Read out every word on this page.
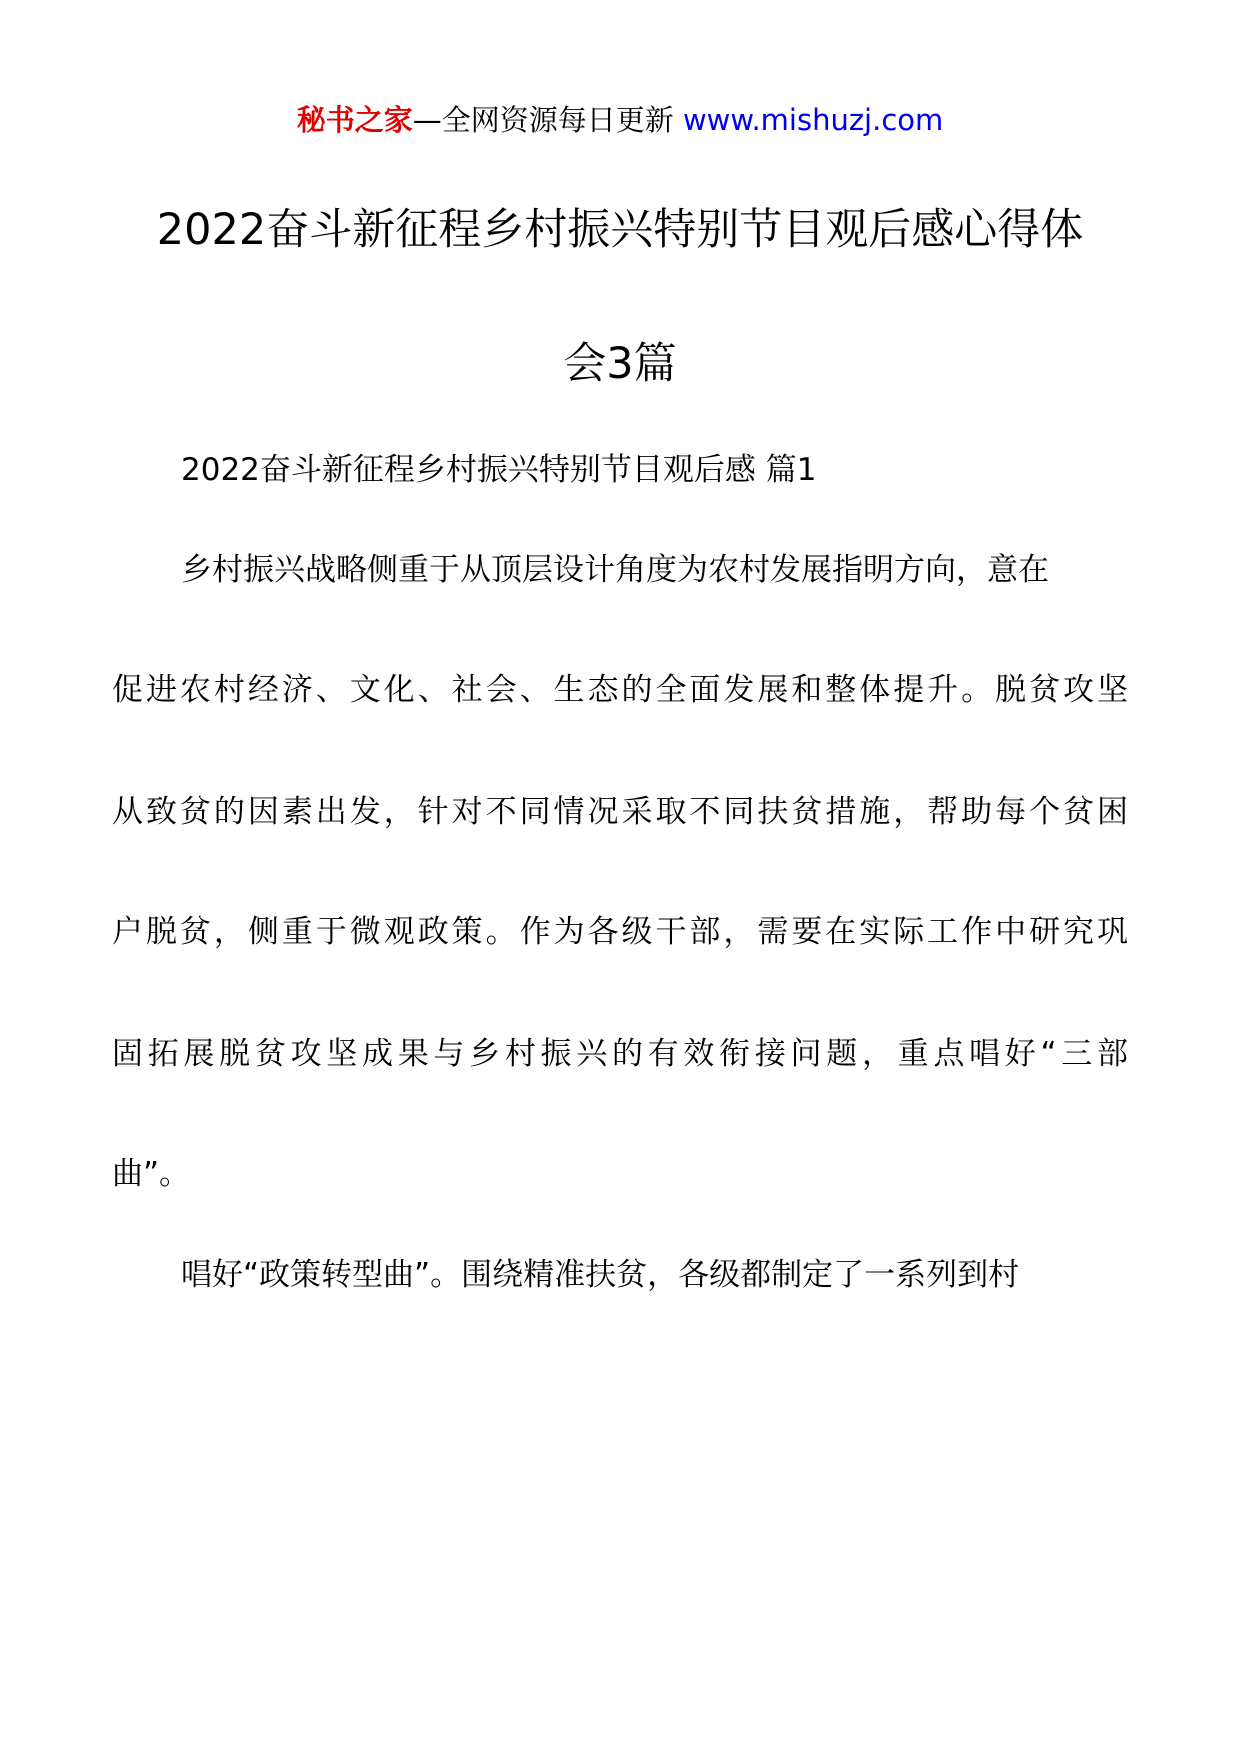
秘书之家—全网资源每日更新 www.mishuzj.com
2022奋斗新征程乡村振兴特别节目观后感心得体
会3篇
2022奋斗新征程乡村振兴特别节目观后感 篇1
乡村振兴战略侧重于从顶层设计角度为农村发展指明方向，意在
促进农村经济、文化、社会、生态的全面发展和整体提升。脱贫攻坚
从致贫的因素出发，针对不同情况采取不同扶贫措施，帮助每个贫困
户脱贫，侧重于微观政策。作为各级干部，需要在实际工作中研究巩
固拓展脱贫攻坚成果与乡村振兴的有效衔接问题，重点唱好“三部
曲”。
唱好“政策转型曲”。围绕精准扶贫，各级都制定了一系列到村
